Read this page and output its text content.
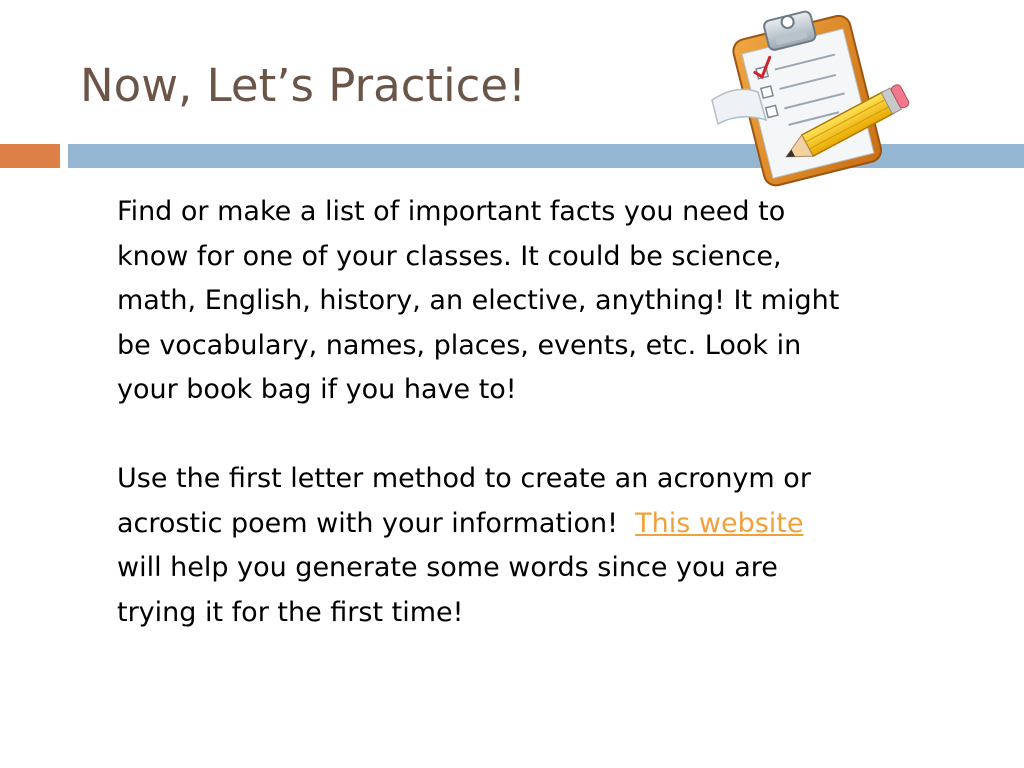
Now, Let’s Practice!

Find or make a list of important facts you need to
know for one of your classes. It could be science,
math, English, history, an elective, anything! It might
be vocabulary, names, places, events, etc. Look in
your book bag if you have to!

Use the first letter method to create an acronym or
acrostic poem with your information!  This website
will help you generate some words since you are
trying it for the first time!
